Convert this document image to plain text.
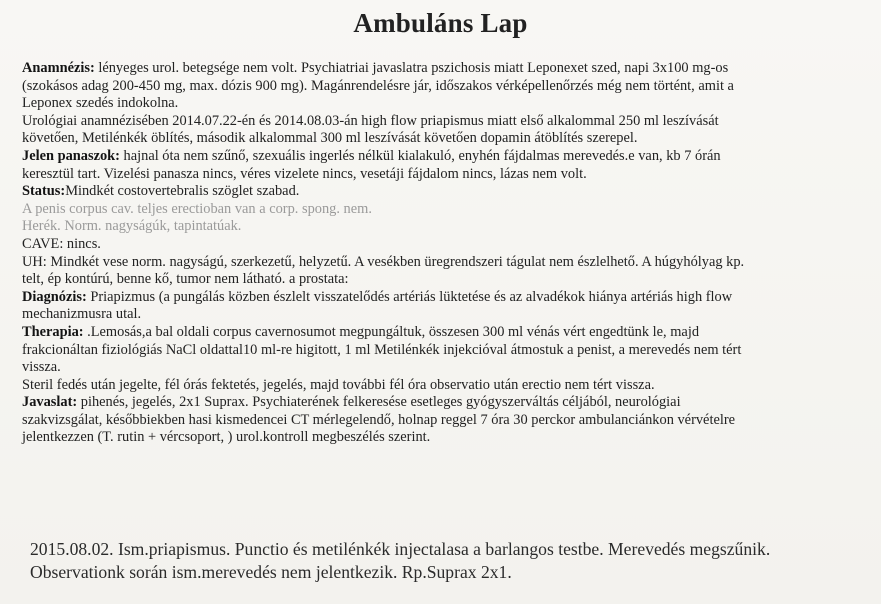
Ambuláns Lap

Anamnézis: lényeges urol. betegsége nem volt. Psychiatriai javaslatra pszichosis miatt Leponexet szed, napi 3x100 mg-os

(szokásos adag 200-450 mg, max. dózis 900 mg). Magánrendelésre jár, időszakos vérképellenőrzés még nem történt, amit a

Leponex szedés indokolna.

Urológiai anamnézisében 2014.07.22-én és 2014.08.03-án high flow priapismus miatt első alkalommal 250 ml leszívását

követően, Metilénkék öblítés, második alkalommal 300 ml leszívását követően dopamin átöblítés szerepel.

Jelen panaszok: hajnal óta nem szűnő, szexuális ingerlés nélkül kialakuló, enyhén fájdalmas merevedés.e van, kb 7 órán

keresztül tart. Vizelési panasza nincs, véres vizelete nincs, vesetáji fájdalom nincs, lázas nem volt.

Status:Mindkét costovertebralis szöglet szabad.

A penis corpus cav. teljes erectioban van a corp. spong. nem.

Herék. Norm. nagyságúk, tapintatúak.

CAVE: nincs.

UH: Mindkét vese norm. nagyságú, szerkezetű, helyzetű. A vesékben üregrendszeri tágulat nem észlelhető. A húgyhólyag kp.

telt, ép kontúrú, benne kő, tumor nem látható. a prostata:

Diagnózis: Priapizmus (a pungálás közben észlelt visszatelődés artériás lüktetése és az alvadékok hiánya artériás high flow

mechanizmusra utal.

Therapia: .Lemosás,a bal oldali corpus cavernosumot megpungáltuk, összesen 300 ml vénás vért engedtünk le, majd

frakcionáltan fiziológiás NaCl oldattal10 ml-re higitott, 1 ml Metilénkék injekcióval átmostuk a penist, a merevedés nem tért

vissza.

Steril fedés után jegelte, fél órás fektetés, jegelés, majd további fél óra observatio után erectio nem tért vissza.

Javaslat: pihenés, jegelés, 2x1 Suprax. Psychiaterének felkeresése esetleges gyógyszerváltás céljából, neurológiai

szakvizsgálat, későbbiekben hasi kismedencei CT mérlegelendő, holnap reggel 7 óra 30 perckor ambulanciánkon vérvételre

jelentkezzen (T. rutin + vércsoport, ) urol.kontroll megbeszélés szerint.

2015.08.02. Ism.priapismus. Punctio és metilénkék injectalasa a barlangos testbe. Merevedés megszűnik.
Observationk során ism.merevedés nem jelentkezik. Rp.Suprax 2x1.
